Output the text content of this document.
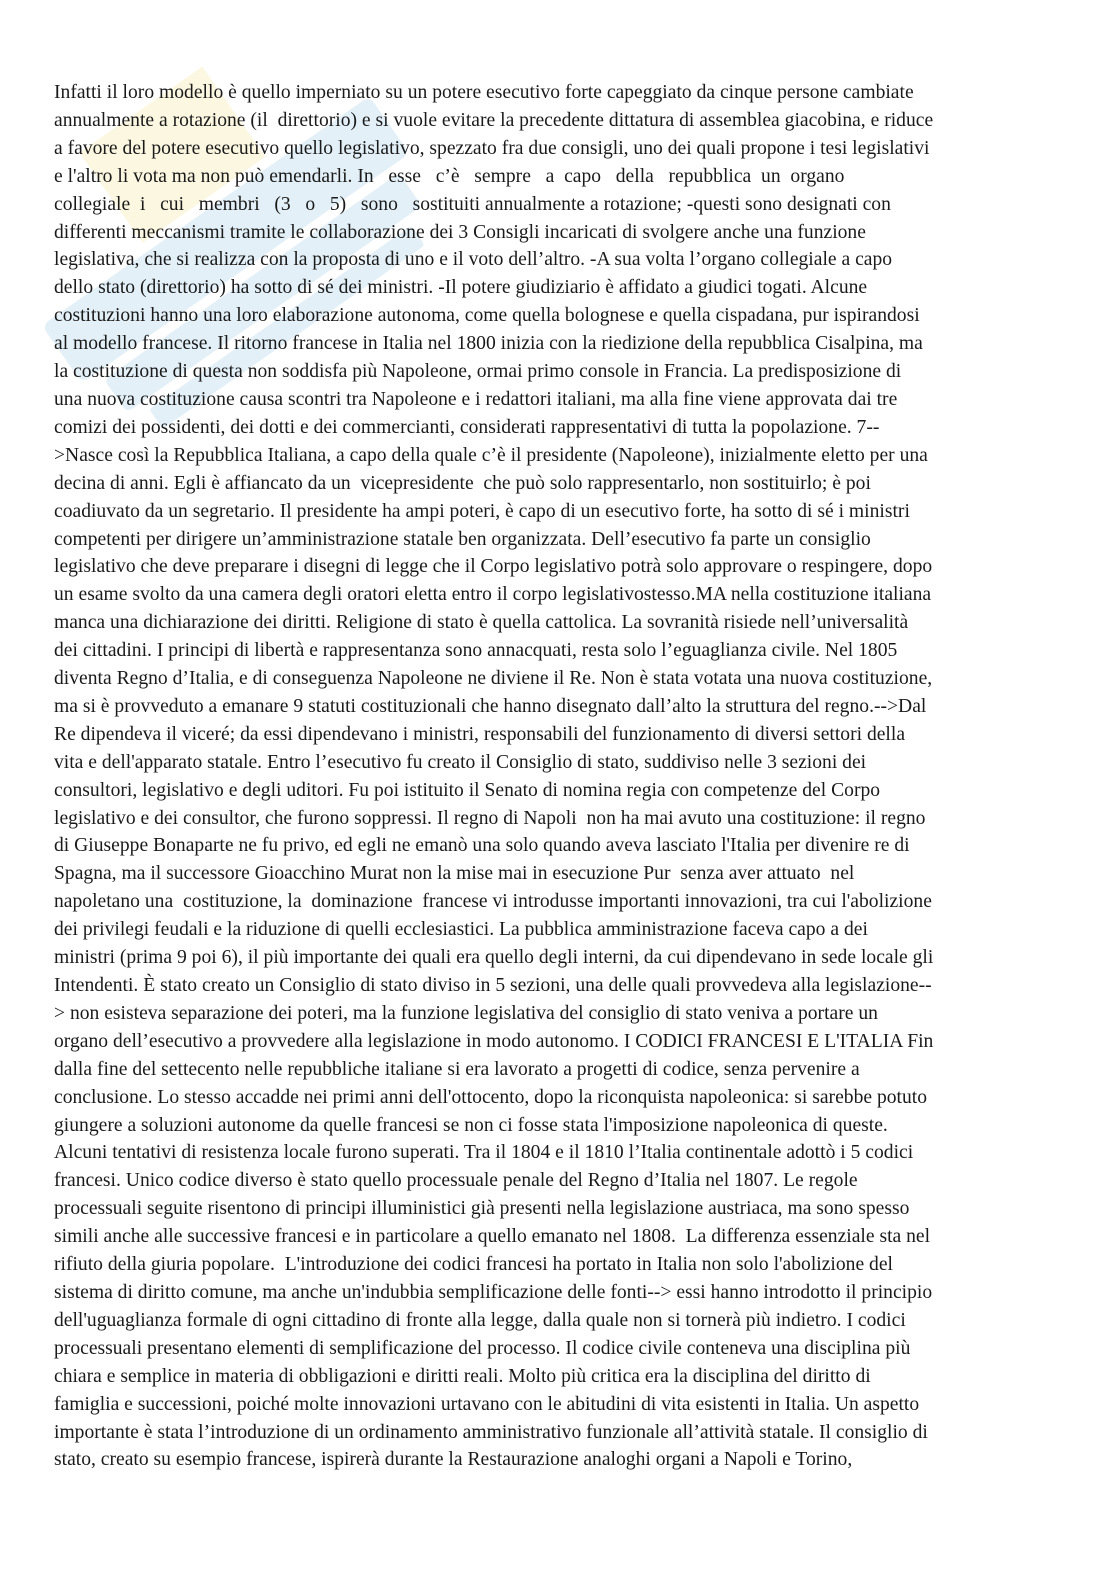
Infatti il loro modello è quello imperniato su un potere esecutivo forte capeggiato da cinque persone cambiate
annualmente a rotazione (il  direttorio) e si vuole evitare la precedente dittatura di assemblea giacobina, e riduce
a favore del potere esecutivo quello legislativo, spezzato fra due consigli, uno dei quali propone i tesi legislativi
e l'altro li vota ma non può emendarli. In   esse   c’è   sempre   a  capo   della   repubblica  un  organo
collegiale  i   cui   membri   (3   o   5)   sono   sostituiti annualmente a rotazione; -questi sono designati con
differenti meccanismi tramite le collaborazione dei 3 Consigli incaricati di svolgere anche una funzione
legislativa, che si realizza con la proposta di uno e il voto dell’altro. -A sua volta l’organo collegiale a capo
dello stato (direttorio) ha sotto di sé dei ministri. -Il potere giudiziario è affidato a giudici togati. Alcune
costituzioni hanno una loro elaborazione autonoma, come quella bolognese e quella cispadana, pur ispirandosi
al modello francese. Il ritorno francese in Italia nel 1800 inizia con la riedizione della repubblica Cisalpina, ma
la costituzione di questa non soddisfa più Napoleone, ormai primo console in Francia. La predisposizione di
una nuova costituzione causa scontri tra Napoleone e i redattori italiani, ma alla fine viene approvata dai tre
comizi dei possidenti, dei dotti e dei commercianti, considerati rappresentativi di tutta la popolazione. 7--
>Nasce così la Repubblica Italiana, a capo della quale c’è il presidente (Napoleone), inizialmente eletto per una
decina di anni. Egli è affiancato da un  vicepresidente  che può solo rappresentarlo, non sostituirlo; è poi
coadiuvato da un segretario. Il presidente ha ampi poteri, è capo di un esecutivo forte, ha sotto di sé i ministri
competenti per dirigere un’amministrazione statale ben organizzata. Dell’esecutivo fa parte un consiglio
legislativo che deve preparare i disegni di legge che il Corpo legislativo potrà solo approvare o respingere, dopo
un esame svolto da una camera degli oratori eletta entro il corpo legislativostesso.MA nella costituzione italiana
manca una dichiarazione dei diritti. Religione di stato è quella cattolica. La sovranità risiede nell’universalità
dei cittadini. I principi di libertà e rappresentanza sono annacquati, resta solo l’eguaglianza civile. Nel 1805
diventa Regno d’Italia, e di conseguenza Napoleone ne diviene il Re. Non è stata votata una nuova costituzione,
ma si è provveduto a emanare 9 statuti costituzionali che hanno disegnato dall’alto la struttura del regno.-->Dal
Re dipendeva il viceré; da essi dipendevano i ministri, responsabili del funzionamento di diversi settori della
vita e dell'apparato statale. Entro l’esecutivo fu creato il Consiglio di stato, suddiviso nelle 3 sezioni dei
consultori, legislativo e degli uditori. Fu poi istituito il Senato di nomina regia con competenze del Corpo
legislativo e dei consultor, che furono soppressi. Il regno di Napoli  non ha mai avuto una costituzione: il regno
di Giuseppe Bonaparte ne fu privo, ed egli ne emanò una solo quando aveva lasciato l'Italia per divenire re di
Spagna, ma il successore Gioacchino Murat non la mise mai in esecuzione Pur  senza aver attuato  nel
napoletano una  costituzione, la  dominazione  francese vi introdusse importanti innovazioni, tra cui l'abolizione
dei privilegi feudali e la riduzione di quelli ecclesiastici. La pubblica amministrazione faceva capo a dei
ministri (prima 9 poi 6), il più importante dei quali era quello degli interni, da cui dipendevano in sede locale gli
Intendenti. È stato creato un Consiglio di stato diviso in 5 sezioni, una delle quali provvedeva alla legislazione--
> non esisteva separazione dei poteri, ma la funzione legislativa del consiglio di stato veniva a portare un
organo dell’esecutivo a provvedere alla legislazione in modo autonomo. I CODICI FRANCESI E L'ITALIA Fin
dalla fine del settecento nelle repubbliche italiane si era lavorato a progetti di codice, senza pervenire a
conclusione. Lo stesso accadde nei primi anni dell'ottocento, dopo la riconquista napoleonica: si sarebbe potuto
giungere a soluzioni autonome da quelle francesi se non ci fosse stata l'imposizione napoleonica di queste.
Alcuni tentativi di resistenza locale furono superati. Tra il 1804 e il 1810 l’Italia continentale adottò i 5 codici
francesi. Unico codice diverso è stato quello processuale penale del Regno d’Italia nel 1807. Le regole
processuali seguite risentono di principi illuministici già presenti nella legislazione austriaca, ma sono spesso
simili anche alle successive francesi e in particolare a quello emanato nel 1808.  La differenza essenziale sta nel
rifiuto della giuria popolare.  L'introduzione dei codici francesi ha portato in Italia non solo l'abolizione del
sistema di diritto comune, ma anche un'indubbia semplificazione delle fonti--> essi hanno introdotto il principio
dell'uguaglianza formale di ogni cittadino di fronte alla legge, dalla quale non si tornerà più indietro. I codici
processuali presentano elementi di semplificazione del processo. Il codice civile conteneva una disciplina più
chiara e semplice in materia di obbligazioni e diritti reali. Molto più critica era la disciplina del diritto di
famiglia e successioni, poiché molte innovazioni urtavano con le abitudini di vita esistenti in Italia. Un aspetto
importante è stata l’introduzione di un ordinamento amministrativo funzionale all’attività statale. Il consiglio di
stato, creato su esempio francese, ispirerà durante la Restaurazione analoghi organi a Napoli e Torino,
